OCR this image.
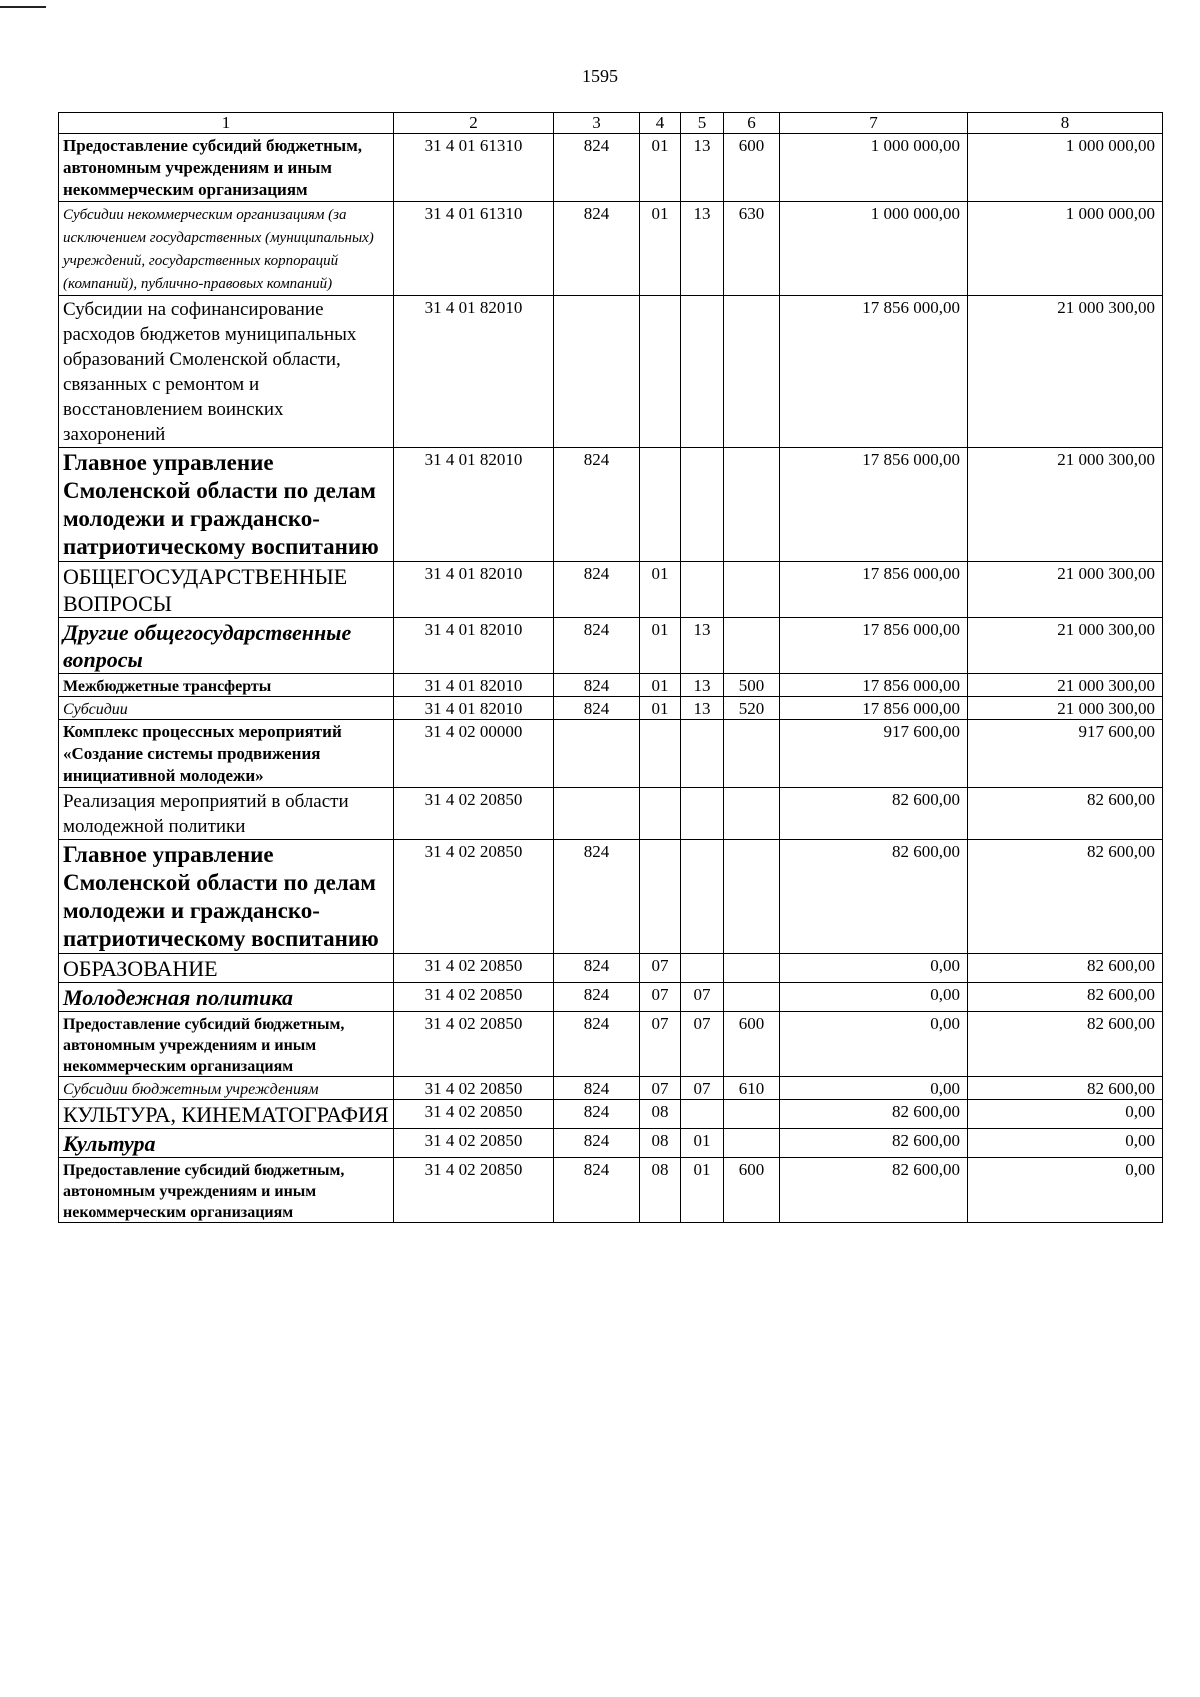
1595
1	2	3	4	5	6	7	8
Предоставление субсидий бюджетным, автономным учреждениям и иным некоммерческим организациям	31 4 01 61310	824	01	13	600	1 000 000,00	1 000 000,00
Субсидии некоммерческим организациям (за исключением государственных (муниципальных) учреждений, государственных корпораций (компаний), публично-правовых компаний)	31 4 01 61310	824	01	13	630	1 000 000,00	1 000 000,00
Субсидии на софинансирование расходов бюджетов муниципальных образований Смоленской области, связанных с ремонтом и восстановлением воинских захоронений	31 4 01 82010					17 856 000,00	21 000 300,00
Главное управление Смоленской области по делам молодежи и гражданско-патриотическому воспитанию	31 4 01 82010	824				17 856 000,00	21 000 300,00
ОБЩЕГОСУДАРСТВЕННЫЕ ВОПРОСЫ	31 4 01 82010	824	01			17 856 000,00	21 000 300,00
Другие общегосударственные вопросы	31 4 01 82010	824	01	13		17 856 000,00	21 000 300,00
Межбюджетные трансферты	31 4 01 82010	824	01	13	500	17 856 000,00	21 000 300,00
Субсидии	31 4 01 82010	824	01	13	520	17 856 000,00	21 000 300,00
Комплекс процессных мероприятий «Создание системы продвижения инициативной молодежи»	31 4 02 00000					917 600,00	917 600,00
Реализация мероприятий в области молодежной политики	31 4 02 20850					82 600,00	82 600,00
Главное управление Смоленской области по делам молодежи и гражданско-патриотическому воспитанию	31 4 02 20850	824				82 600,00	82 600,00
ОБРАЗОВАНИЕ	31 4 02 20850	824	07			0,00	82 600,00
Молодежная политика	31 4 02 20850	824	07	07		0,00	82 600,00
Предоставление субсидий бюджетным, автономным учреждениям и иным некоммерческим организациям	31 4 02 20850	824	07	07	600	0,00	82 600,00
Субсидии бюджетным учреждениям	31 4 02 20850	824	07	07	610	0,00	82 600,00
КУЛЬТУРА, КИНЕМАТОГРАФИЯ	31 4 02 20850	824	08			82 600,00	0,00
Культура	31 4 02 20850	824	08	01		82 600,00	0,00
Предоставление субсидий бюджетным, автономным учреждениям и иным некоммерческим организациям	31 4 02 20850	824	08	01	600	82 600,00	0,00
